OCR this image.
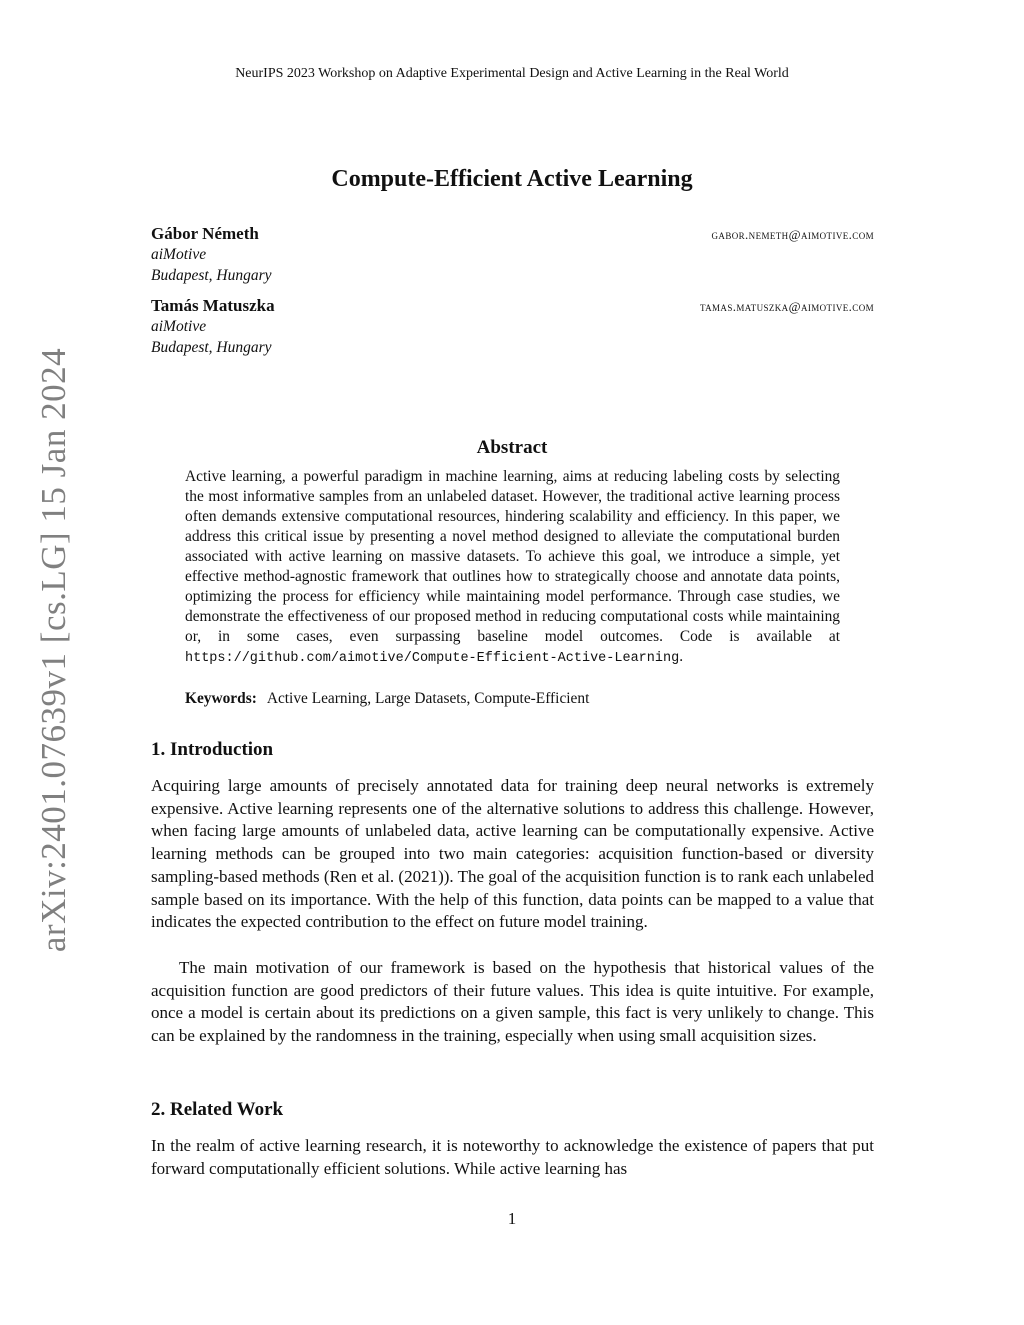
NeurIPS 2023 Workshop on Adaptive Experimental Design and Active Learning in the Real World
Compute-Efficient Active Learning
Gábor Németh	gabor.nemeth@aimotive.com
aiMotive
Budapest, Hungary
Tamás Matuszka	tamas.matuszka@aimotive.com
aiMotive
Budapest, Hungary
arXiv:2401.07639v1 [cs.LG] 15 Jan 2024	Abstract
Active learning, a powerful paradigm in machine learning, aims at reducing labeling costs by selecting the most informative samples from an unlabeled dataset. However, the traditional active learning process often demands extensive computational resources, hindering scalability and efficiency. In this paper, we address this critical issue by presenting a novel method designed to alleviate the computational burden associated with active learning on massive datasets. To achieve this goal, we introduce a simple, yet effective method-agnostic framework that outlines how to strategically choose and annotate data points, optimizing the process for efficiency while maintaining model performance. Through case studies, we demonstrate the effectiveness of our proposed method in reducing computational costs while maintaining or, in some cases, even surpassing baseline model outcomes. Code is available at https://github.com/aimotive/Compute-Efficient-Active-Learning.
Keywords: Active Learning, Large Datasets, Compute-Efficient
1. Introduction

Acquiring large amounts of precisely annotated data for training deep neural networks is extremely expensive. Active learning represents one of the alternative solutions to address this challenge. However, when facing large amounts of unlabeled data, active learning can be computationally expensive. Active learning methods can be grouped into two main categories: acquisition function-based or diversity sampling-based methods (Ren et al. (2021)). The goal of the acquisition function is to rank each unlabeled sample based on its importance. With the help of this function, data points can be mapped to a value that indicates the expected contribution to the effect on future model training.

The main motivation of our framework is based on the hypothesis that historical values of the acquisition function are good predictors of their future values. This idea is quite intuitive. For example, once a model is certain about its predictions on a given sample, this fact is very unlikely to change. This can be explained by the randomness in the training, especially when using small acquisition sizes.

2. Related Work

In the realm of active learning research, it is noteworthy to acknowledge the existence of papers that put forward computationally efficient solutions. While active learning has

1
